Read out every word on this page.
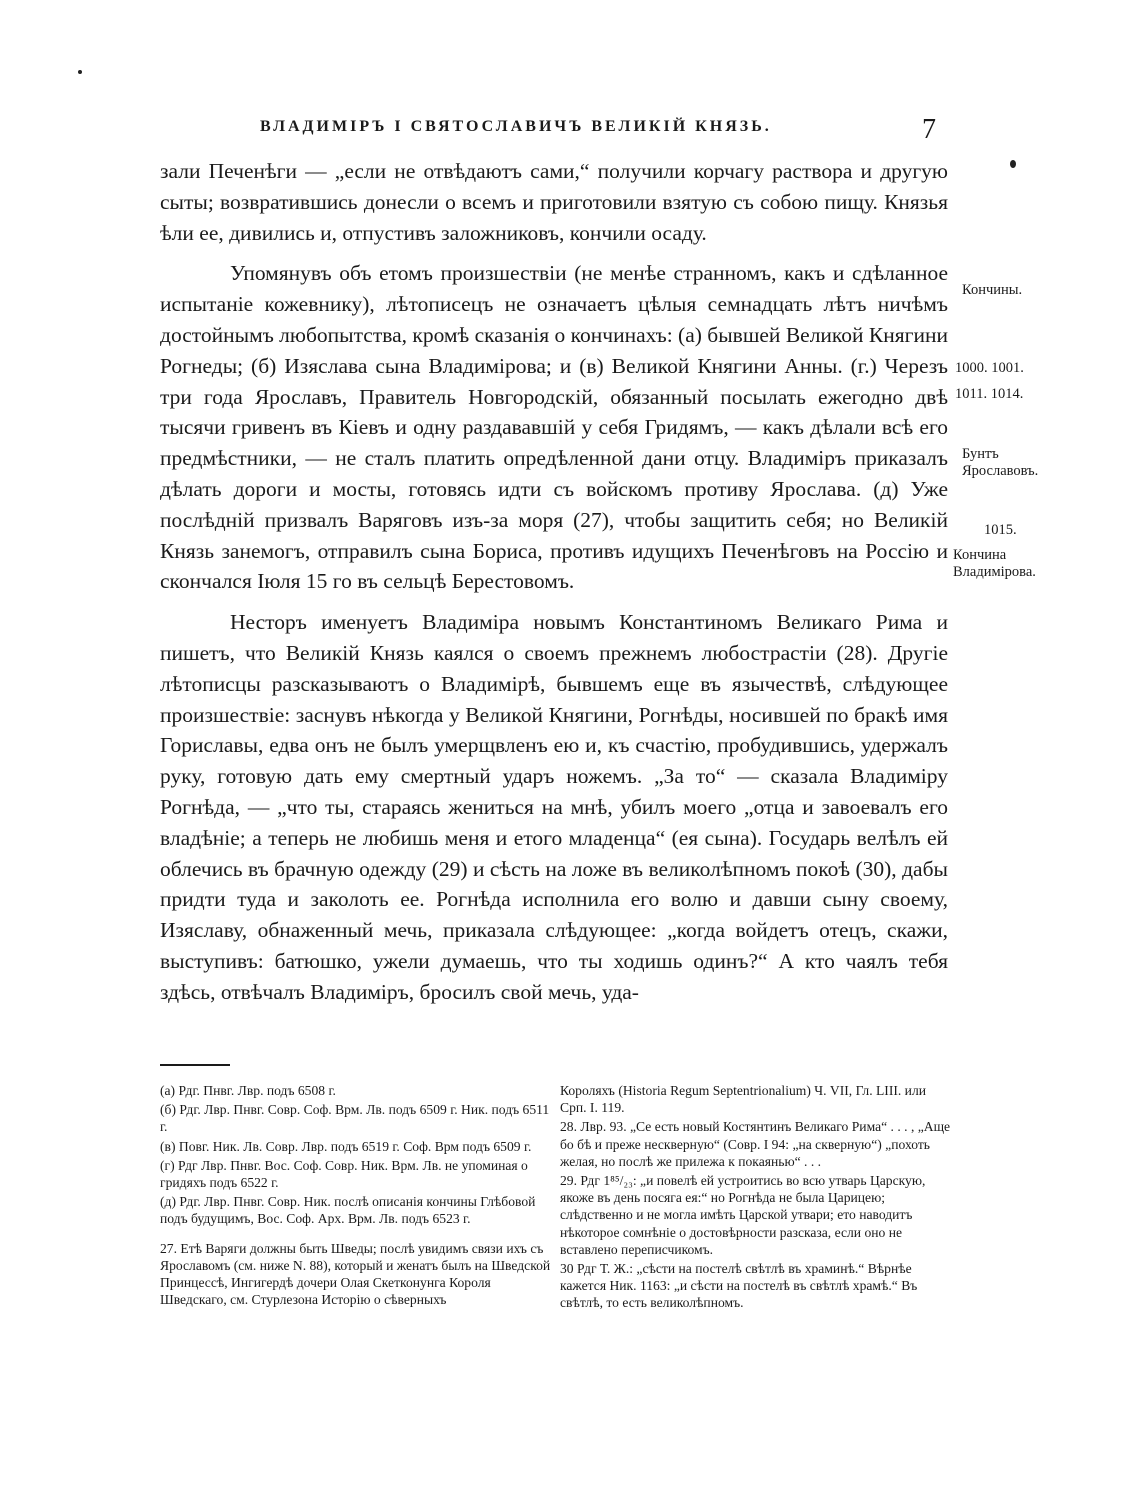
ВЛАДИМІРЪ І СВЯТОСЛАВИЧЪ ВЕЛИКІЙ КНЯЗЬ.	7

зали Печенѣги — „если не отвѣдаютъ сами,“ получили корчагу раствора и другую сыты; возвратившись донесли о всемъ и приготовили взятую съ собою пищу. Князья ѣли ее, дивились и, отпустивъ заложниковъ, кончили осаду.

Упомянувъ объ етомъ произшествіи (не менѣе странномъ, какъ и сдѣланное испытаніе кожевнику), лѣтописецъ не означаетъ цѣлыя семнадцать лѣтъ ничѣмъ достойнымъ любопытства, кромѣ сказанія о кончинахъ: (а) бывшей Великой Княгини Рогнеды; (б) Изяслава сына Владимірова; и (в) Великой Княгини Анны. (г.) Черезъ три года Ярославъ, Правитель Новгородскій, обязанный посылать ежегодно двѣ тысячи гривенъ въ Кіевъ и одну раздававшій у себя Гридямъ, — какъ дѣлали всѣ его предмѣстники, — не сталъ платить опредѣленной дани отцу. Владиміръ приказалъ дѣлать дороги и мосты, готовясь идти съ войскомъ противу Ярослава. (д) Уже послѣдній призвалъ Варяговъ изъ-за моря (27), чтобы защитить себя; но Великій Князь занемогъ, отправилъ сына Бориса, противъ идущихъ Печенѣговъ на Россію и скончался Іюля 15 го въ сельцѣ Берестовомъ.

Несторъ именуетъ Владиміра новымъ Константиномъ Великаго Рима и пишетъ, что Великій Князь каялся о своемъ прежнемъ любострастіи (28). Другіе лѣтописцы разсказываютъ о Владимірѣ, бывшемъ еще въ язычествѣ, слѣдующее произшествіе: заснувъ нѣкогда у Великой Княгини, Рогнѣды, носившей по бракѣ имя Гориславы, едва онъ не былъ умерщвленъ ею и, къ счастію, пробудившись, удержалъ руку, готовую дать ему смертный ударъ ножемъ. „За то“ — сказала Владиміру Рогнѣда, — „что ты, стараясь жениться на мнѣ, убилъ моего „отца и завоевалъ его владѣніе; а теперь не любишь меня и етого младенца“ (ея сына). Государь велѣлъ ей облечись въ брачную одежду (29) и сѣсть на ложе въ великолѣпномъ покоѣ (30), дабы придти туда и заколоть ее. Рогнѣда исполнила его волю и давши сыну своему, Изяславу, обнаженный мечь, приказала слѣдующее: „когда войдетъ отецъ, скажи, выступивъ: батюшко, ужели думаешь, что ты ходишь одинъ?“ А кто чаялъ тебя здѣсь, отвѣчалъ Владиміръ, бросилъ свой мечь, уда-

Кончины.
1000. 1001.
1011. 1014.
Бунтъ Ярославовъ.
1015.
Кончина Владимірова.
(а) Рдг. Пнвг. Лвр. подъ 6508 г.
(б) Рдг. Лвр. Пнвг. Совр. Соф. Врм. Лв. подъ 6509 г. Ник. подъ 6511 г.
(в) Повг. Ник. Лв. Совр. Лвр. подъ 6519 г. Соф. Врм подъ 6509 г.
(г) Рдг Лвр. Пнвг. Вос. Соф. Совр. Ник. Врм. Лв. не упоминая о гридяхъ подъ 6522 г.
(д) Рдг. Лвр. Пнвг. Совр. Ник. послѣ описанія кончины Глѣбовой подъ будущимъ, Вос. Соф. Арх. Врм. Лв. подъ 6523 г.
27. Етѣ Варяги должны быть Шведы; послѣ увидимъ связи ихъ съ Ярославомъ (см. ниже N. 88), который и женатъ былъ на Шведской Принцессѣ, Ингигердѣ дочери Олая Скетконунга Короля Шведскаго, см. Стурлезона Исторію о сѣверныхъ
Короляхъ (Historia Regum Septentrionalium) Ч. VII, Гл. LIII. или Срп. I. 119.
28. Лвр. 93. „Се есть новый Костянтинъ Великаго Рима“ . . . , „Аще бо бѣ и преже нескверную“ (Совр. I 94: „на скверную“) „похоть желая, но послѣ же прилежа к покаянью“ . . .
29. Рдг 1⁸⁵/₂₃: „и повелѣ ей устроитись во всю утварь Царскую, якоже въ день посяга ея:“ но Рогнѣда не была Царицею; слѣдственно и не могла имѣть Царской утвари; ето наводитъ нѣкоторое сомнѣніе о достовѣрности разсказа, если оно не вставлено переписчикомъ.
30 Рдг Т. Ж.: „сѣсти на постелѣ свѣтлѣ въ храминѣ.“ Вѣрнѣе кажется Ник. 1163: „и сѣсти на постелѣ въ свѣтлѣ храмѣ.“ Въ свѣтлѣ, то есть великолѣпномъ.
